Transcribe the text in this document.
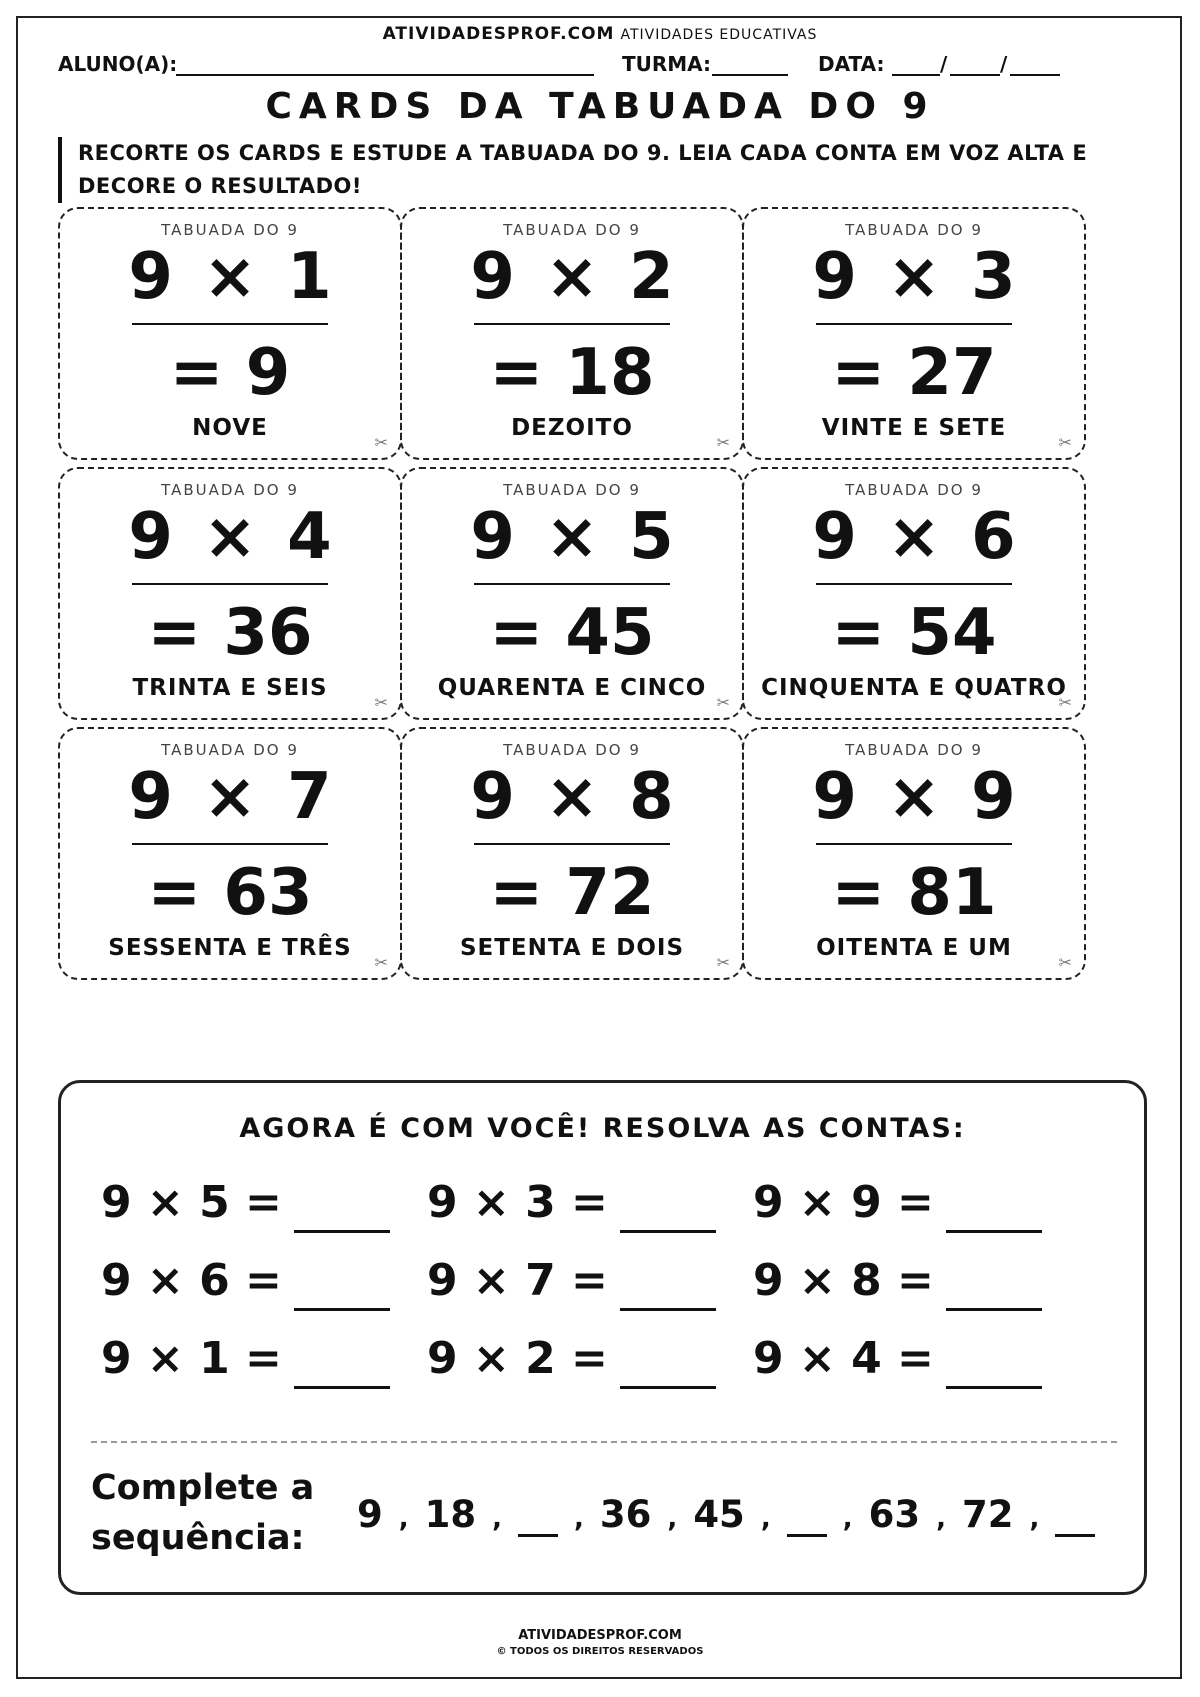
ATIVIDADESPROF.COM ATIVIDADES EDUCATIVAS
ALUNO(A):	TURMA:	DATA:	/	/
CARDS DA TABUADA DO 9
RECORTE OS CARDS E ESTUDE A TABUADA DO 9. LEIA CADA CONTA EM VOZ ALTA E DECORE O RESULTADO!
TABUADA DO 9
9 × 1
= 9
NOVE
✂
TABUADA DO 9
9 × 2
= 18
DEZOITO
✂
TABUADA DO 9
9 × 3
= 27
VINTE E SETE
✂
TABUADA DO 9
9 × 4
= 36
TRINTA E SEIS
✂
TABUADA DO 9
9 × 5
= 45
QUARENTA E CINCO
✂
TABUADA DO 9
9 × 6
= 54
CINQUENTA E QUATRO
✂
TABUADA DO 9
9 × 7
= 63
SESSENTA E TRÊS
✂
TABUADA DO 9
9 × 8
= 72
SETENTA E DOIS
✂
TABUADA DO 9
9 × 9
= 81
OITENTA E UM
✂
AGORA É COM VOCÊ! RESOLVA AS CONTAS:
9 × 5 =	9 × 3 =	9 × 9 =
9 × 6 =	9 × 7 =	9 × 8 =
9 × 1 =	9 × 2 =	9 × 4 =
Complete a
sequência:
9 , 18 ,	, 36 , 45 ,	, 63 , 72 ,
ATIVIDADESPROF.COM
© TODOS OS DIREITOS RESERVADOS
